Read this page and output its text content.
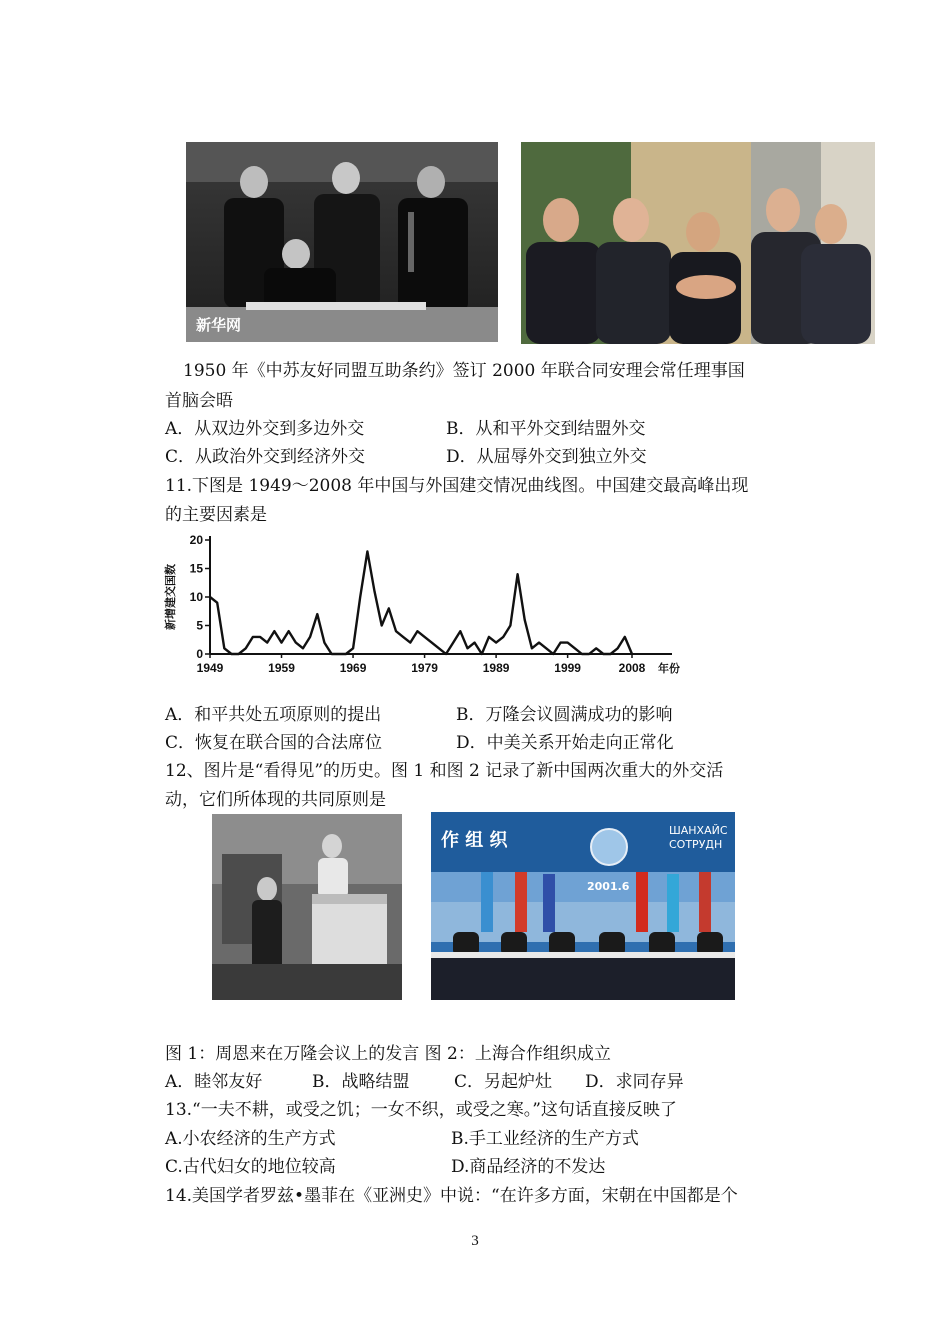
新华网
1950 年《中苏友好同盟互助条约》签订 2000 年联合同安理会常任理事国
首脑会晤
A．从双边外交到多边外交	B．从和平外交到结盟外交
C．从政治外交到经济外交	D．从屈辱外交到独立外交
11.下图是 1949～2008 年中国与外国建交情况曲线图。中国建交最高峰出现
的主要因素是
新增建交国数
0
5
10
15
20
1949	1959	1969	1979	1989	1999	2008 年份
A．和平共处五项原则的提出	B．万隆会议圆满成功的影响
C．恢复在联合国的合法席位	D．中美关系开始走向正常化
12、图片是“看得见”的历史。图 1 和图 2 记录了新中国两次重大的外交活
动，它们所体现的共同原则是
作 组 织	ШАНХАЙС
СОТРУДН
2001.6
图 1：周恩来在万隆会议上的发言 图 2：上海合作组织成立
A．睦邻友好	B．战略结盟	C．另起炉灶 D．求同存异
13.“一夫不耕，或受之饥；一女不织，或受之寒。”这句话直接反映了
A.小农经济的生产方式	B.手工业经济的生产方式
C.古代妇女的地位较高	D.商品经济的不发达
14.美国学者罗兹•墨菲在《亚洲史》中说：“在许多方面，宋朝在中国都是个
3
